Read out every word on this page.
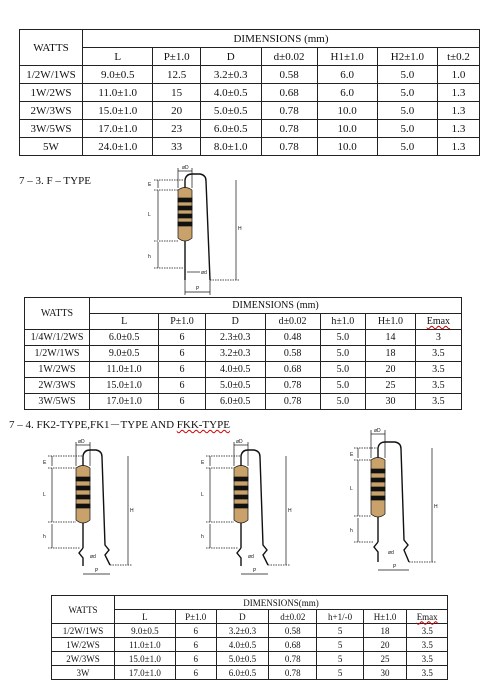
WATTS	DIMENSIONS (mm)						
	L	P±1.0	D	d±0.02	H1±1.0	H2±1.0	t±0.2
1/2W/1WS	9.0±0.5	12.5	3.2±0.3	0.58	6.0	5.0	1.0
1W/2WS	11.0±1.0	15	4.0±0.5	0.68	6.0	5.0	1.3
2W/3WS	15.0±1.0	20	5.0±0.5	0.78	10.0	5.0	1.3
3W/5WS	17.0±1.0	23	6.0±0.5	0.78	10.0	5.0	1.3
5W	24.0±1.0	33	8.0±1.0	0.78	10.0	5.0	1.3
7 – 3. F – TYPE
øD
E
L
h
H
ød
P
WATTS	DIMENSIONS (mm)						
	L	P±1.0	D	d±0.02	h±1.0	H±1.0	Emax
1/4W/1/2WS	6.0±0.5	6	2.3±0.3	0.48	5.0	14	3
1/2W/1WS	9.0±0.5	6	3.2±0.3	0.58	5.0	18	3.5
1W/2WS	11.0±1.0	6	4.0±0.5	0.68	5.0	20	3.5
2W/3WS	15.0±1.0	6	5.0±0.5	0.78	5.0	25	3.5
3W/5WS	17.0±1.0	6	6.0±0.5	0.78	5.0	30	3.5
7 – 4. FK2-TYPE,FK1－TYPE AND FKK-TYPE
øD
E
L
h
H
ød
P
øD
E
L
h
H
ød
P
øD
E
L
h
H
ød
P
WATTS	DIMENSIONS(mm)						
	L	P±1.0	D	d±0.02	h+1/-0	H±1.0	Emax
1/2W/1WS	9.0±0.5	6	3.2±0.3	0.58	5	18	3.5
1W/2WS	11.0±1.0	6	4.0±0.5	0.68	5	20	3.5
2W/3WS	15.0±1.0	6	5.0±0.5	0.78	5	25	3.5
3W	17.0±1.0	6	6.0±0.5	0.78	5	30	3.5
